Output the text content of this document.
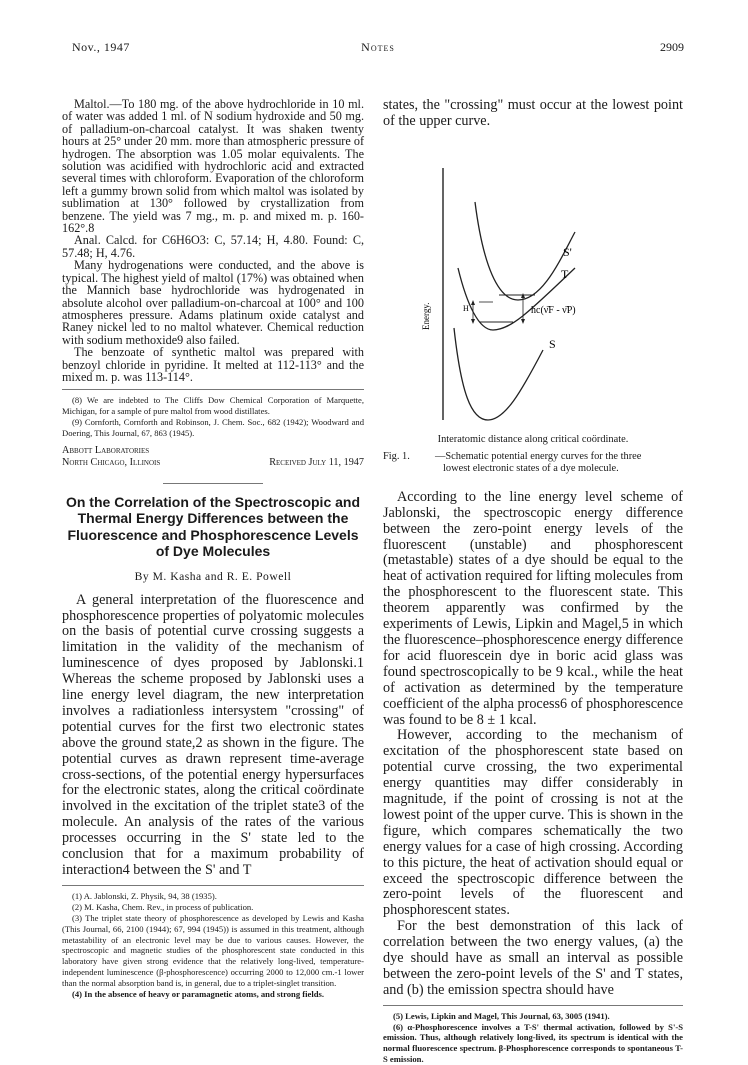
Nov., 1947	Notes	2909

Maltol.—To 180 mg. of the above hydrochloride in 10 ml. of water was added 1 ml. of N sodium hydroxide and 50 mg. of palladium-on-charcoal catalyst. It was shaken twenty hours at 25° under 20 mm. more than atmospheric pressure of hydrogen. The absorption was 1.05 molar equivalents. The solution was acidified with hydrochloric acid and extracted several times with chloroform. Evaporation of the chloroform left a gummy brown solid from which maltol was isolated by sublimation at 130° followed by crystallization from benzene. The yield was 7 mg., m. p. and mixed m. p. 160-162°.8

Anal. Calcd. for C6H6O3: C, 57.14; H, 4.80. Found: C, 57.48; H, 4.76.

Many hydrogenations were conducted, and the above is typical. The highest yield of maltol (17%) was obtained when the Mannich base hydrochloride was hydrogenated in absolute alcohol over palladium-on-charcoal at 100° and 100 atmospheres pressure. Adams platinum oxide catalyst and Raney nickel led to no maltol whatever. Chemical reduction with sodium methoxide9 also failed.

The benzoate of synthetic maltol was prepared with benzoyl chloride in pyridine. It melted at 112-113° and the mixed m. p. was 113-114°.

(8) We are indebted to The Cliffs Dow Chemical Corporation of Marquette, Michigan, for a sample of pure maltol from wood distillates.

(9) Cornforth, Cornforth and Robinson, J. Chem. Soc., 682 (1942); Woodward and Doering, This Journal, 67, 863 (1945).

Abbott Laboratories
North Chicago, Illinois	Received July 11, 1947
On the Correlation of the Spectroscopic and Thermal Energy Differences between the Fluorescence and Phosphorescence Levels of Dye Molecules
By M. Kasha and R. E. Powell

A general interpretation of the fluorescence and phosphorescence properties of polyatomic molecules on the basis of potential curve crossing suggests a limitation in the validity of the mechanism of luminescence of dyes proposed by Jablonski.1 Whereas the scheme proposed by Jablonski uses a line energy level diagram, the new interpretation involves a radiationless intersystem "crossing" of potential curves for the first two electronic states above the ground state,2 as shown in the figure. The potential curves as drawn represent time-average cross-sections, of the potential energy hypersurfaces for the electronic states, along the critical coördinate involved in the excitation of the triplet state3 of the molecule. An analysis of the rates of the various processes occurring in the S' state led to the conclusion that for a maximum probability of interaction4 between the S' and T

(1) A. Jablonski, Z. Physik, 94, 38 (1935).

(2) M. Kasha, Chem. Rev., in process of publication.

(3) The triplet state theory of phosphorescence as developed by Lewis and Kasha (This Journal, 66, 2100 (1944); 67, 994 (1945)) is assumed in this treatment, although metastability of an electronic level may be due to various causes. However, the spectroscopic and magnetic studies of the phosphorescent state conducted in this laboratory have given strong evidence that the relatively long-lived, temperature-independent luminescence (β-phosphorescence) occurring 2000 to 12,000 cm.-1 lower than the normal absorption band is, in general, due to a triplet-singlet transition.

(4) In the absence of heavy or paramagnetic atoms, and strong fields.

states, the "crossing" must occur at the lowest point of the upper curve.

S'
T
S
H	hc(ν̄F - ν̄P)
Energy.
Interatomic distance along critical coördinate.
Fig. 1. —Schematic potential energy curves for the three
lowest electronic states of a dye molecule.

According to the line energy level scheme of Jablonski, the spectroscopic energy difference between the zero-point energy levels of the fluorescent (unstable) and phosphorescent (metastable) states of a dye should be equal to the heat of activation required for lifting molecules from the phosphorescent to the fluorescent state. This theorem apparently was confirmed by the experiments of Lewis, Lipkin and Magel,5 in which the fluorescence–phosphorescence energy difference for acid fluorescein dye in boric acid glass was found spectroscopically to be 9 kcal., while the heat of activation as determined by the temperature coefficient of the alpha process6 of phosphorescence was found to be 8 ± 1 kcal.

However, according to the mechanism of excitation of the phosphorescent state based on potential curve crossing, the two experimental energy quantities may differ considerably in magnitude, if the point of crossing is not at the lowest point of the upper curve. This is shown in the figure, which compares schematically the two energy values for a case of high crossing. According to this picture, the heat of activation should equal or exceed the spectroscopic difference between the zero-point levels of the fluorescent and phosphorescent states.

For the best demonstration of this lack of correlation between the two energy values, (a) the dye should have as small an interval as possible between the zero-point levels of the S' and T states, and (b) the emission spectra should have

(5) Lewis, Lipkin and Magel, This Journal, 63, 3005 (1941).

(6) α-Phosphorescence involves a T-S' thermal activation, followed by S'-S emission. Thus, although relatively long-lived, its spectrum is identical with the normal fluorescence spectrum. β-Phosphorescence corresponds to spontaneous T-S emission.
